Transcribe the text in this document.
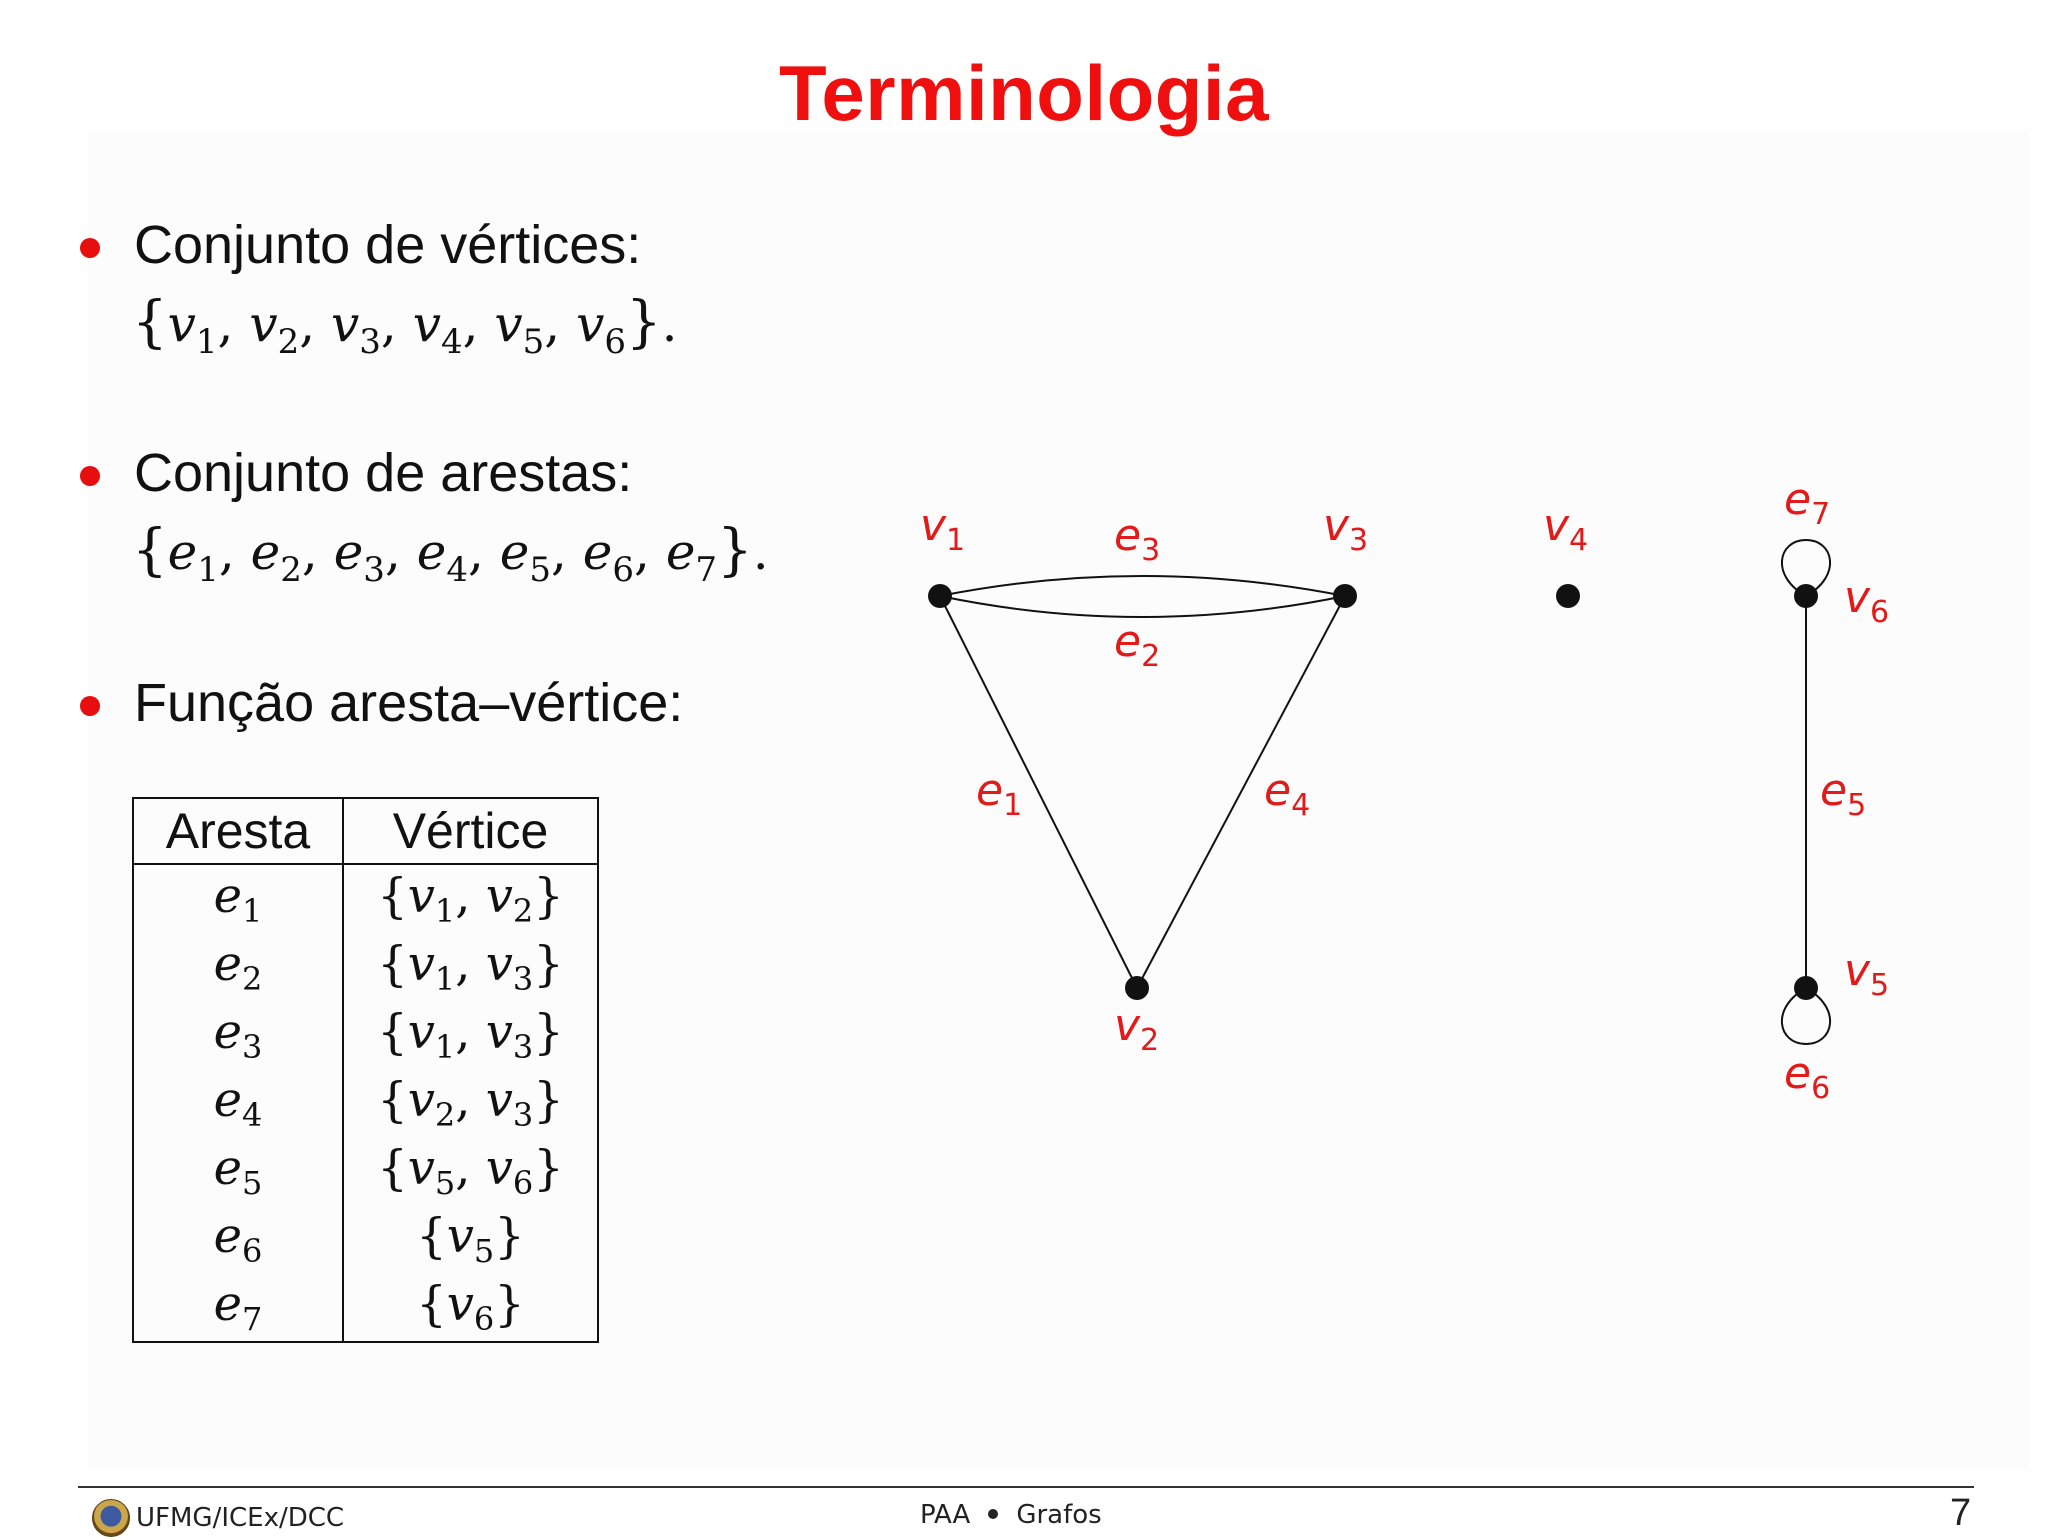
Terminologia
Conjunto de vértices:
{$v_1$, $v_2$, $v_3$, $v_4$, $v_5$, $v_6$}.
Conjunto de arestas:
{$e_1$, $e_2$, $e_3$, $e_4$, $e_5$, $e_6$, $e_7$}.
Função aresta–vértice:
Aresta	Vértice
$e_1$	{$v_1$, $v_2$}
$e_2$	{$v_1$, $v_3$}
$e_3$	{$v_1$, $v_3$}
$e_4$	{$v_2$, $v_3$}
$e_5$	{$v_5$, $v_6$}
$e_6$	$\{v_5\}$
$e_7$	$\{v_6\}$
$v_1$
$v_2$
$v_3$	$v_4$
$v_5$
$v_6$
$e_1$
$e_2$
$e_3$
$e_4$	$e_5$
$e_6$
$e_7$
UFMG/ICEx/DCC	PAA Grafos	7
